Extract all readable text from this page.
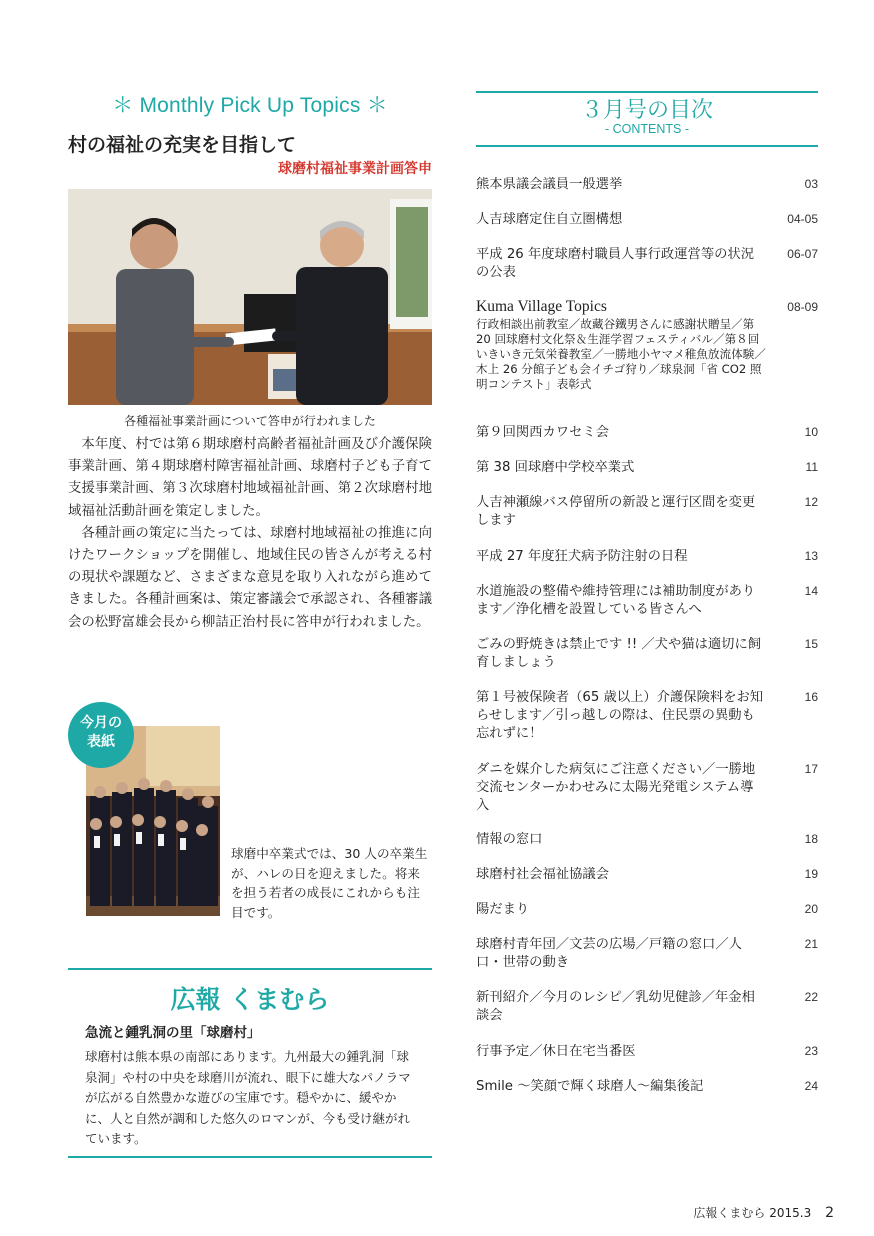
＊ Monthly Pick Up Topics ＊
村の福祉の充実を目指して
球磨村福祉事業計画答申
各種福祉事業計画について答申が行われました

本年度、村では第６期球磨村高齢者福祉計画及び介護保険事業計画、第４期球磨村障害福祉計画、球磨村子ども子育て支援事業計画、第３次球磨村地域福祉計画、第２次球磨村地域福祉活動計画を策定しました。

各種計画の策定に当たっては、球磨村地域福祉の推進に向けたワークショップを開催し、地域住民の皆さんが考える村の現状や課題など、さまざまな意見を取り入れながら進めてきました。各種計画案は、策定審議会で承認され、各種審議会の松野富雄会長から柳詰正治村長に答申が行われました。

今月の
表紙
球磨中卒業式では、30 人の卒業生が、ハレの日を迎えました。将来を担う若者の成長にこれからも注目です。
広報 くまむら
急流と鍾乳洞の里「球磨村」
球磨村は熊本県の南部にあります。九州最大の鍾乳洞「球泉洞」や村の中央を球磨川が流れ、眼下に雄大なパノラマが広がる自然豊かな遊びの宝庫です。穏やかに、緩やかに、人と自然が調和した悠久のロマンが、今も受け継がれています。
３月号の目次
- CONTENTS -
熊本県議会議員一般選挙	03
人吉球磨定住自立圏構想	04-05
平成 26 年度球磨村職員人事行政運営等の状況の公表
06-07
Kuma Village Topics
行政相談出前教室／故藏谷鐵男さんに感謝状贈呈／第 20 回球磨村文化祭＆生涯学習フェスティバル／第８回いきいき元気栄養教室／一勝地小ヤマメ稚魚放流体験／木上 26 分館子ども会イチゴ狩り／球泉洞「省 CO2 照明コンテスト」表彰式
08-09
第９回関西カワセミ会	10
第 38 回球磨中学校卒業式	11
人吉神瀬線バス停留所の新設と運行区間を変更します
12
平成 27 年度狂犬病予防注射の日程	13
水道施設の整備や維持管理には補助制度があります／浄化槽を設置している皆さんへ
14
ごみの野焼きは禁止です !! ／犬や猫は適切に飼育しましょう
15
第１号被保険者（65 歳以上）介護保険料をお知らせします／引っ越しの際は、住民票の異動も忘れずに！
16
ダニを媒介した病気にご注意ください／一勝地交流センターかわせみに太陽光発電システム導入
17
情報の窓口	18
球磨村社会福祉協議会	19
陽だまり	20
球磨村青年団／文芸の広場／戸籍の窓口／人口・世帯の動き
21
新刊紹介／今月のレシピ／乳幼児健診／年金相談会
22
行事予定／休日在宅当番医	23
Smile ～笑顔で輝く球磨人～編集後記	24
広報くまむら 2015.3 2
